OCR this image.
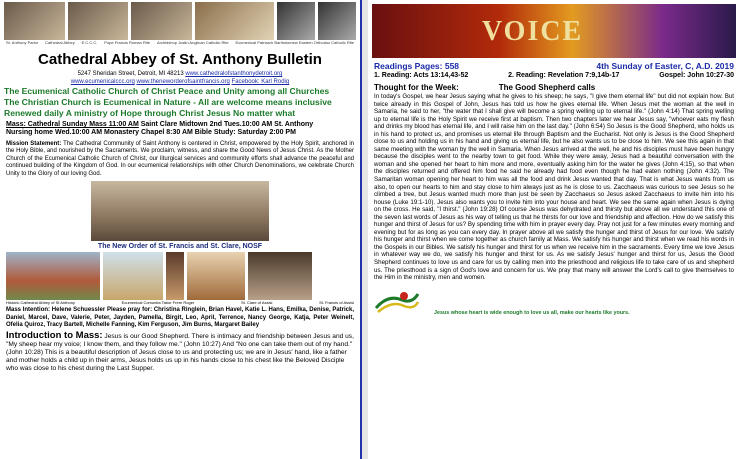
St. Anthony Parlor Cathedral Abbey E.C.C.C. Pope Francis Roman Rite Archbishop Justin Anglican Catholic Rite Ecumenical Patriarch Bartholomew Eastern Orthodox Catholic Rite
Cathedral Abbey of St. Anthony Bulletin
5247 Sheridan Street, Detroit, MI 48213 www.cathedralofstanthonydetroit.org
www.ecumenicalccc.org www.theneworderofsaintfrancis.org Facebook: Karl Rodig
The Ecumenical Catholic Church of Christ Peace and Unity among all Churches
The Christian Church is Ecumenical in Nature - All are welcome means inclusive
Renewed daily A ministry of Hope through Christ Jesus No matter what
Mass: Cathedral Sunday Mass 11:00 AM Saint Clare Midtown 2nd Tues.10:00 AM St. Anthony
Nursing home Wed.10:00 AM Monastery Chapel 8:30 AM Bible Study: Saturday 2:00 PM
Mission Statement: The Cathedral Community of Saint Anthony is centered in Christ, empowered by the Holy Spirit, anchored in the Holy Bible, and nourished by the Sacraments. We proclaim, witness, and share the Good News of Jesus Christ. As the Mother Church of the Ecumenical Catholic Church of Christ, our liturgical services and community efforts shall advance the peaceful and continued building of the Kingdom of God. In our ecumenical relationships with other Church Denominations, we celebrate Church Unity to the Glory of our loving God.
The New Order of St. Francis and St. Clare, NOSF
Historic Cathedral Abbey of St Anthony	Ecumenical Comunita Tabor Frere Roger	St. Clare of Assisi	St. Francis of Assisi
Mass Intention: Helene Schuessler Please pray for: Christina Ringlein, Brian Havel, Katie L. Hans, Emilka, Denise, Patrick, Daniel, Marcel, Dave, Valerie, Peter, Jayden, Pamella, Birgit, Leo, April, Terrence, Nancy George, Katja, Peter Weinelt, Ofelia Quiroz, Tracy Bartell, Michelle Fanning, Kim Ferguson, Jim Burns, Margaret Bailey
Introduction to Mass: Jesus is our Good Shepherd. There is intimacy and friendship between Jesus and us, "My sheep hear my voice; I know them, and they follow me." (John 10:27) And "No one can take them out of my hand." (John 10:28) This is a beautiful description of Jesus close to us and protecting us; we are in Jesus' hand, like a father and mother holds a child up in their arms, Jesus holds us up in his hands close to his chest like the Beloved Disciple who was close to his chest during the Last Supper.
VOICE
Readings Pages: 558	4th Sunday of Easter, C, A.D. 2019
1. Reading: Acts 13:14,43-52	2. Reading: Revelation 7:9,14b-17	Gospel: John 10:27-30
Thought for the Week:	The Good Shepherd calls
In today's Gospel, we hear Jesus saying what he gives to his sheep; he says, "I give them eternal life" but did not explain how. But twice already in this Gospel of John, Jesus has told us how he gives eternal life. When Jesus met the woman at the well in Samaria, he said to her, "the water that I shall give will become a spring welling up to eternal life." (John 4:14) That spring welling up to eternal life is the Holy Spirit we receive first at baptism. Then two chapters later we hear Jesus say, "whoever eats my flesh and drinks my blood has eternal life, and I will raise him on the last day." (John 6:54) So Jesus is the Good Shepherd, who holds us in his hand to protect us, and promises us eternal life through Baptism and the Eucharist. Not only is Jesus is the Good Shepherd close to us and holding us in his hand and giving us eternal life, but he also wants us to be close to him. We see this again in that same meeting with the woman by the well in Samaria. When Jesus arrived at the well, he and his disciples must have been hungry because the disciples went to the nearby town to get food. While they were away, Jesus had a beautiful conversation with the woman and she opened her heart to him more and more, eventually asking him for the water he gives (John 4:15), so that when the disciples returned and offered him food he said he already had food even though he had eaten nothing (John 4:32). The Samaritan woman opening her heart to him was all the food and drink Jesus wanted that day. That is what Jesus wants from us also, to open our hearts to him and stay close to him always just as he is close to us. Zacchaeus was curious to see Jesus so he climbed a tree, but Jesus wanted much more than just be seen by Zacchaeus so Jesus asked Zacchaeus to invite him into his house (Luke 19:1-10). Jesus also wants you to invite him into your house and heart. We see the same again when Jesus is dying on the cross. He said, "I thirst." (John 19:28) Of course Jesus was dehydrated and thirsty but above all we understand this one of the seven last words of Jesus as his way of telling us that he thirsts for our love and friendship and affection. How do we satisfy this hunger and thirst of Jesus for us? By spending time with him in prayer every day. Pray not just for a few minutes every morning and evening but for as long as you can every day. In prayer above all we satisfy the hunger and thirst of Jesus for our love. We satisfy his hunger and thirst when we come together as church family at Mass. We satisfy his hunger and thirst when we read his words in the Gospels in our Bibles. We satisfy his hunger and thirst for us when we receive him in the sacraments. Every time we love Jesus in whatever way we do, we satisfy his hunger and thirst for us. As we satisfy Jesus' hunger and thirst for us, Jesus the Good Shepherd continues to love us and care for us by calling men into the priesthood and religious life to take care of us and shepherd us. The priesthood is a sign of God's love and concern for us. We pray that many will answer the Lord's call to give themselves to the Him in the ministry, men and women.
Jesus whose heart is wide enough to love us all, make our hearts like yours.
